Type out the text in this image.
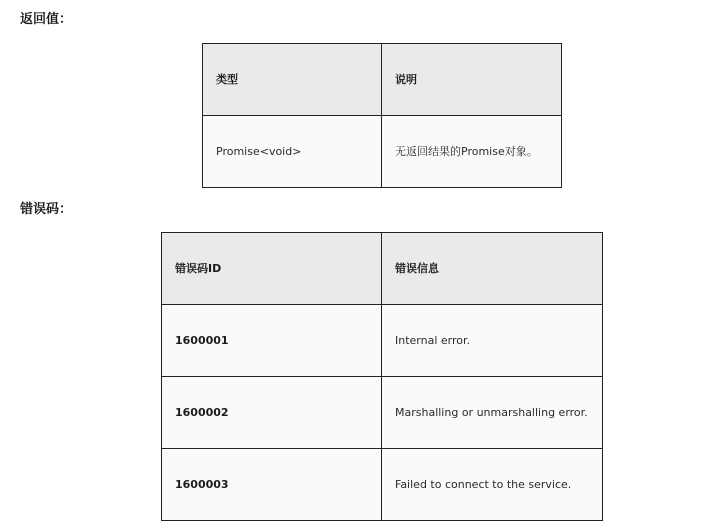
返回值：
类型	说明
Promise<void>	无返回结果的Promise对象。
错误码：
错误码ID	错误信息
1600001	Internal error.
1600002	Marshalling or unmarshalling error.
1600003	Failed to connect to the service.
